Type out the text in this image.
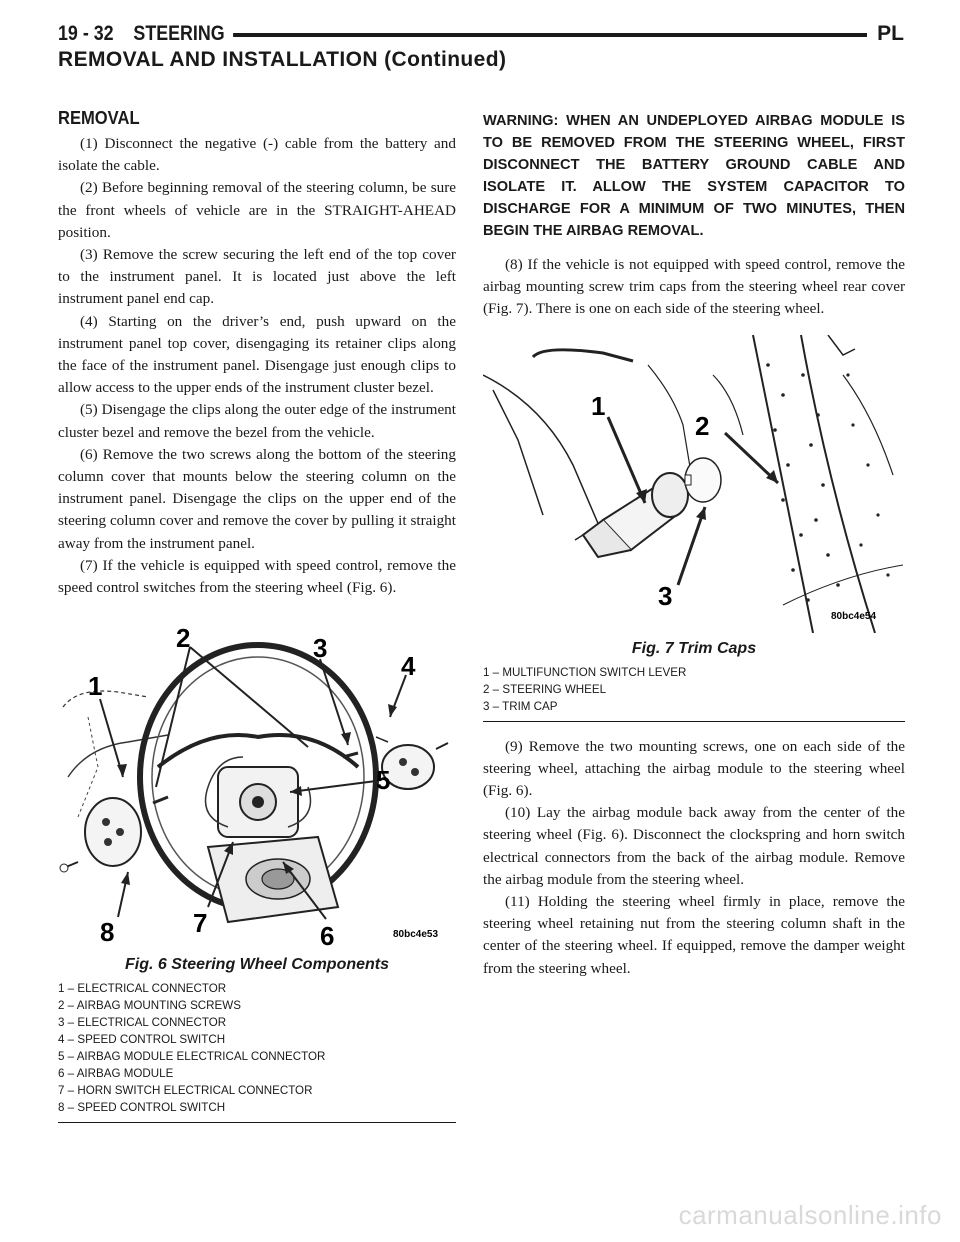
19 - 32    STEERING	PL
REMOVAL AND INSTALLATION (Continued)
REMOVAL

(1) Disconnect the negative (-) cable from the battery and isolate the cable.

(2) Before beginning removal of the steering column, be sure the front wheels of vehicle are in the STRAIGHT-AHEAD position.

(3) Remove the screw securing the left end of the top cover to the instrument panel. It is located just above the left instrument panel end cap.

(4) Starting on the driver’s end, push upward on the instrument panel top cover, disengaging its retainer clips along the face of the instrument panel. Disengage just enough clips to allow access to the upper ends of the instrument cluster bezel.

(5) Disengage the clips along the outer edge of the instrument cluster bezel and remove the bezel from the vehicle.

(6) Remove the two screws along the bottom of the steering column cover that mounts below the steering column on the instrument panel. Disengage the clips on the upper end of the steering column cover and remove the cover by pulling it straight away from the instrument panel.

(7) If the vehicle is equipped with speed control, remove the speed control switches from the steering wheel (Fig. 6).

1
2	3
4
5
6
7
8	80bc4e53
Fig. 6 Steering Wheel Components
1 – ELECTRICAL CONNECTOR
2 – AIRBAG MOUNTING SCREWS
3 – ELECTRICAL CONNECTOR
4 – SPEED CONTROL SWITCH
5 – AIRBAG MODULE ELECTRICAL CONNECTOR
6 – AIRBAG MODULE
7 – HORN SWITCH ELECTRICAL CONNECTOR
8 – SPEED CONTROL SWITCH
WARNING: WHEN AN UNDEPLOYED AIRBAG MODULE IS TO BE REMOVED FROM THE STEERING WHEEL, FIRST DISCONNECT THE BATTERY GROUND CABLE AND ISOLATE IT. ALLOW THE SYSTEM CAPACITOR TO DISCHARGE FOR A MINIMUM OF TWO MINUTES, THEN BEGIN THE AIRBAG REMOVAL.

(8) If the vehicle is not equipped with speed control, remove the airbag mounting screw trim caps from the steering wheel rear cover (Fig. 7). There is one on each side of the steering wheel.

1
2
3
80bc4e54
Fig. 7 Trim Caps
1 – MULTIFUNCTION SWITCH LEVER
2 – STEERING WHEEL
3 – TRIM CAP

(9) Remove the two mounting screws, one on each side of the steering wheel, attaching the airbag module to the steering wheel (Fig. 6).

(10) Lay the airbag module back away from the center of the steering wheel (Fig. 6). Disconnect the clockspring and horn switch electrical connectors from the back of the airbag module. Remove the airbag module from the steering wheel.

(11) Holding the steering wheel firmly in place, remove the steering wheel retaining nut from the steering column shaft in the center of the steering wheel. If equipped, remove the damper weight from the steering wheel.

carmanualsonline.info
